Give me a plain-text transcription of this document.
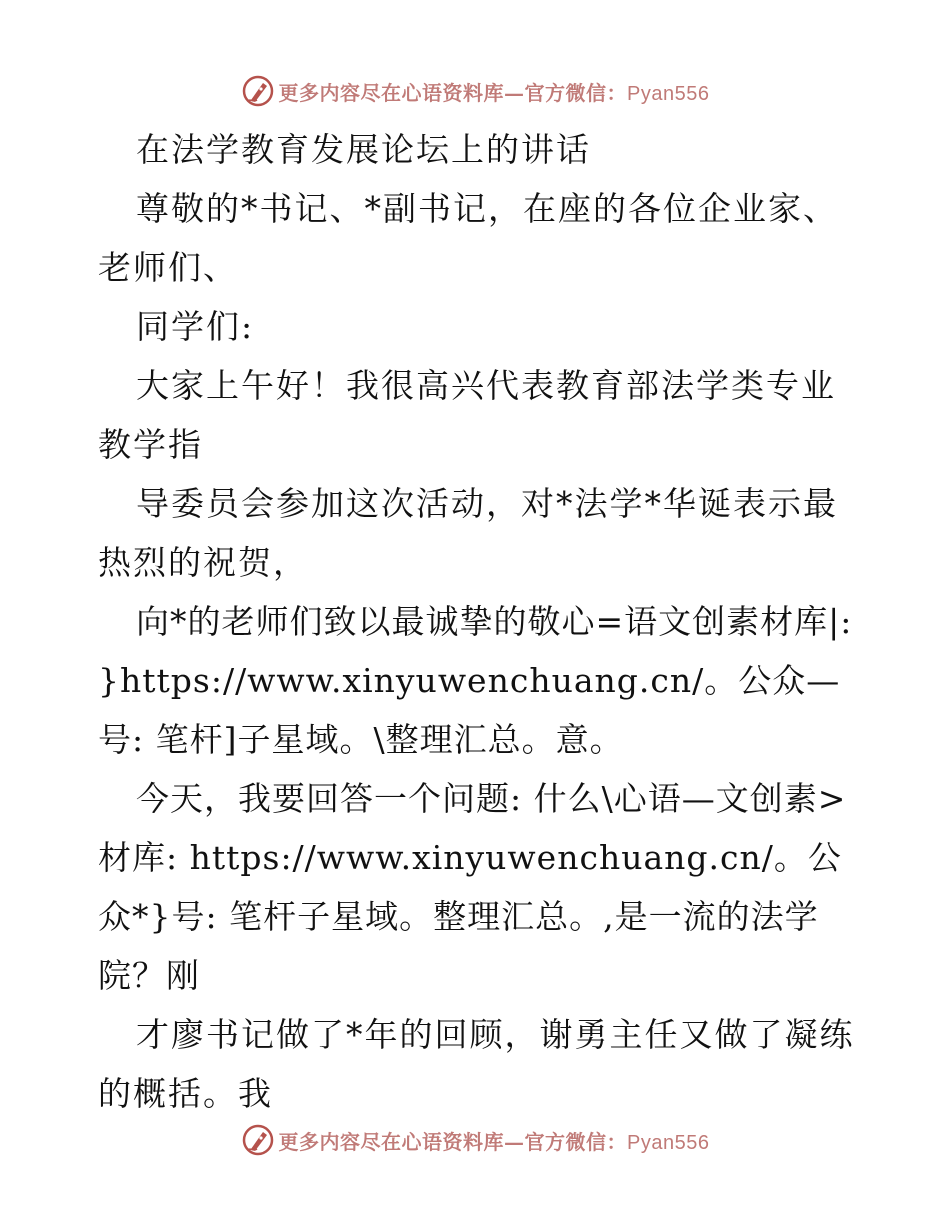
更多内容尽在心语资料库—官方微信：Pyan556

在法学教育发展论坛上的讲话

尊敬的*书记、*副书记，在座的各位企业家、老师们、

同学们:

大家上午好！我很高兴代表教育部法学类专业教学指

导委员会参加这次活动，对*法学*华诞表示最热烈的祝贺，

向*的老师们致以最诚挚的敬心=语文创素材库|: }https://www.xinyuwenchuang.cn/。公众—号: 笔杆]子星域。\整理汇总。意。

今天，我要回答一个问题: 什么\心语—文创素>材库: https://www.xinyuwenchuang.cn/。公众*}号: 笔杆子星域。整理汇总。,是一流的法学院？刚

才廖书记做了*年的回顾，谢勇主任又做了凝练的概括。我

更多内容尽在心语资料库—官方微信：Pyan556
